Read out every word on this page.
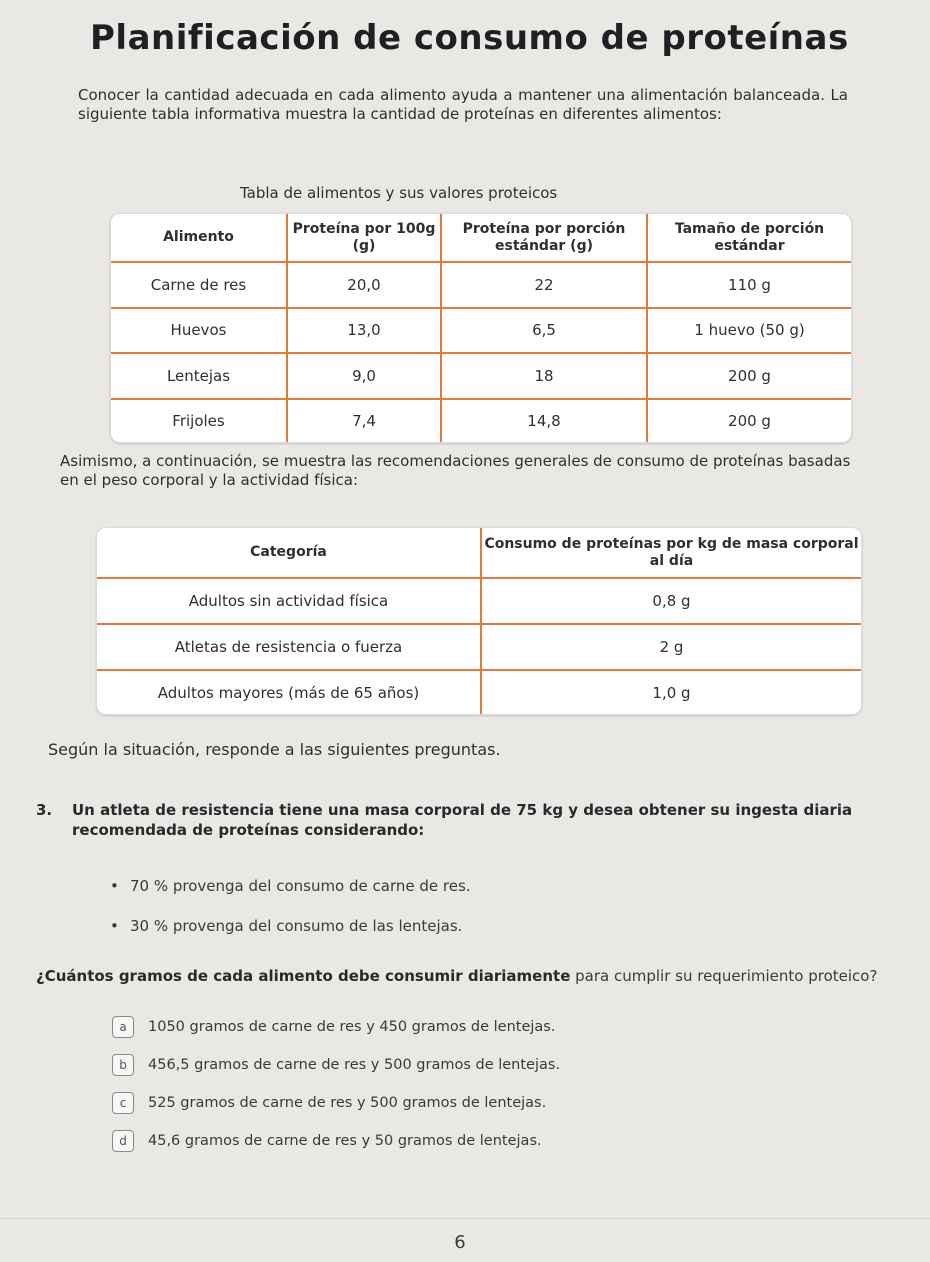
Planificación de consumo de proteínas
Conocer la cantidad adecuada en cada alimento ayuda a mantener una alimentación balanceada. La siguiente tabla informativa muestra la cantidad de proteínas en diferentes alimentos:
Tabla de alimentos y sus valores proteicos
Alimento	Proteína por 100g (g)	Proteína por porción estándar (g)	Tamaño de porción estándar
Carne de res	20,0	22	110 g
Huevos	13,0	6,5	1 huevo (50 g)
Lentejas	9,0	18	200 g
Frijoles	7,4	14,8	200 g
Asimismo, a continuación, se muestra las recomendaciones generales de consumo de proteínas basadas en el peso corporal y la actividad física:
Categoría	Consumo de proteínas por kg de masa corporal al día
Adultos sin actividad física	0,8 g
Atletas de resistencia o fuerza	2 g
Adultos mayores (más de 65 años)	1,0 g
Según la situación, responde a las siguientes preguntas.
3. Un atleta de resistencia tiene una masa corporal de 75 kg y desea obtener su ingesta diaria recomendada de proteínas considerando:
• 70 % provenga del consumo de carne de res.
• 30 % provenga del consumo de las lentejas.
¿Cuántos gramos de cada alimento debe consumir diariamente para cumplir su requerimiento proteico?
a	1050 gramos de carne de res y 450 gramos de lentejas.
b	456,5 gramos de carne de res y 500 gramos de lentejas.
c	525 gramos de carne de res y 500 gramos de lentejas.
d	45,6 gramos de carne de res y 50 gramos de lentejas.
6
